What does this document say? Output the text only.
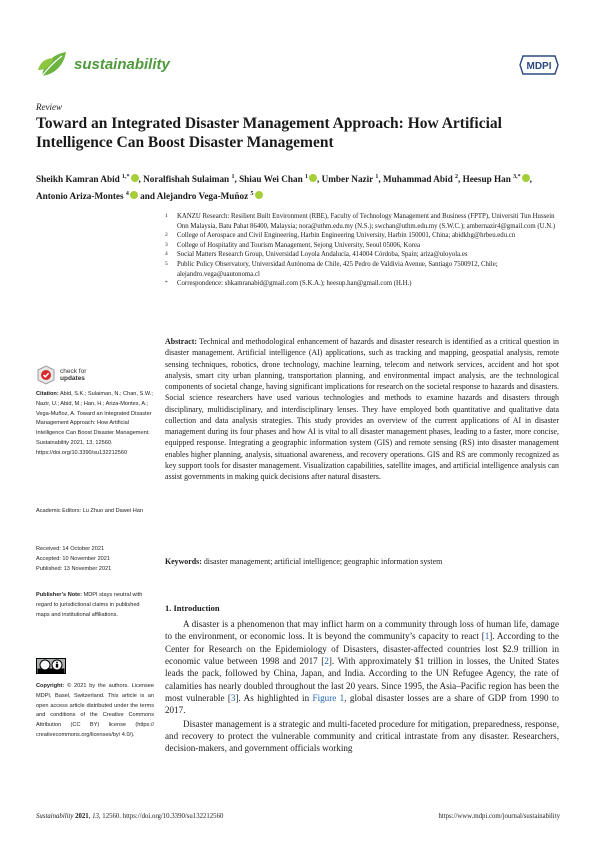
sustainability	MDPI
Review
Toward an Integrated Disaster Management Approach: How Artificial Intelligence Can Boost Disaster Management
Sheikh Kamran Abid $^{1,*}$ , Noralfishah Sulaiman $^1$, Shiau Wei Chan $^1$ , Umber Nazir $^1$, Muhammad Abid $^2$, Heesup Han $^{3,*}$ , Antonio Ariza-Montes $^4$ and Alejandro Vega-Muñoz $^5$
1	KANZU Research: Resilient Built Environment (RBE), Faculty of Technology Management and Business (FPTP), Universiti Tun Hussein Onn Malaysia, Batu Pahat 86400, Malaysia; nora@uthm.edu.my (N.S.); swchan@uthm.edu.my (S.W.C.); ambernazir4@gmail.com (U.N.)
2	College of Aerospace and Civil Engineering, Harbin Engineering University, Harbin 150001, China; abidkhg@hrbeu.edu.cn
3	College of Hospitality and Tourism Management, Sejong University, Seoul 05006, Korea
4	Social Matters Research Group, Universidad Loyola Andalucía, 414004 Córdoba, Spain; ariza@uloyola.es
5	Public Policy Observatory, Universidad Autónoma de Chile, 425 Pedro de Valdivia Avenue, Santiago 7500912, Chile; alejandro.vega@uautonoma.cl
*	Correspondence: shkamranabid@gmail.com (S.K.A.); heesup.han@gmail.com (H.H.)
check for
updates
Citation: Abid, S.K.; Sulaiman, N.; Chan, S.W.; Nazir, U.; Abid, M.; Han, H.; Ariza-Montes, A.; Vega-Muñoz, A. Toward an Integrated Disaster Management Approach: How Artificial Intelligence Can Boost Disaster Management. Sustainability 2021, 13, 12560. https://doi.org/10.3390/su132212560
Academic Editors: Lu Zhuo and Dawei Han
Received: 14 October 2021
Accepted: 10 November 2021
Published: 13 November 2021
Publisher’s Note: MDPI stays neutral with regard to jurisdictional claims in published maps and institutional affiliations.
Copyright: © 2021 by the authors. Licensee MDPI, Basel, Switzerland. This article is an open access article distributed under the terms and conditions of the Creative Commons Attribution (CC BY) license (https:// creativecommons.org/licenses/by/ 4.0/).
Abstract: Technical and methodological enhancement of hazards and disaster research is identified as a critical question in disaster management. Artificial intelligence (AI) applications, such as tracking and mapping, geospatial analysis, remote sensing techniques, robotics, drone technology, machine learning, telecom and network services, accident and hot spot analysis, smart city urban planning, transportation planning, and environmental impact analysis, are the technological components of societal change, having significant implications for research on the societal response to hazards and disasters. Social science researchers have used various technologies and methods to examine hazards and disasters through disciplinary, multidisciplinary, and interdisciplinary lenses. They have employed both quantitative and qualitative data collection and data analysis strategies. This study provides an overview of the current applications of AI in disaster management during its four phases and how AI is vital to all disaster management phases, leading to a faster, more concise, equipped response. Integrating a geographic information system (GIS) and remote sensing (RS) into disaster management enables higher planning, analysis, situational awareness, and recovery operations. GIS and RS are commonly recognized as key support tools for disaster management. Visualization capabilities, satellite images, and artificial intelligence analysis can assist governments in making quick decisions after natural disasters.
Keywords: disaster management; artificial intelligence; geographic information system
1. Introduction

A disaster is a phenomenon that may inflict harm on a community through loss of human life, damage to the environment, or economic loss. It is beyond the community’s capacity to react [1]. According to the Center for Research on the Epidemiology of Disasters, disaster-affected countries lost $2.9 trillion in economic value between 1998 and 2017 [2]. With approximately $1 trillion in losses, the United States leads the pack, followed by China, Japan, and India. According to the UN Refugee Agency, the rate of calamities has nearly doubled throughout the last 20 years. Since 1995, the Asia–Pacific region has been the most vulnerable [3]. As highlighted in Figure 1, global disaster losses are a share of GDP from 1990 to 2017.

Disaster management is a strategic and multi-faceted procedure for mitigation, preparedness, response, and recovery to protect the vulnerable community and critical intrastate from any disaster. Researchers, decision-makers, and government officials working

Sustainability 2021, 13, 12560. https://doi.org/10.3390/su132212560	https://www.mdpi.com/journal/sustainability
